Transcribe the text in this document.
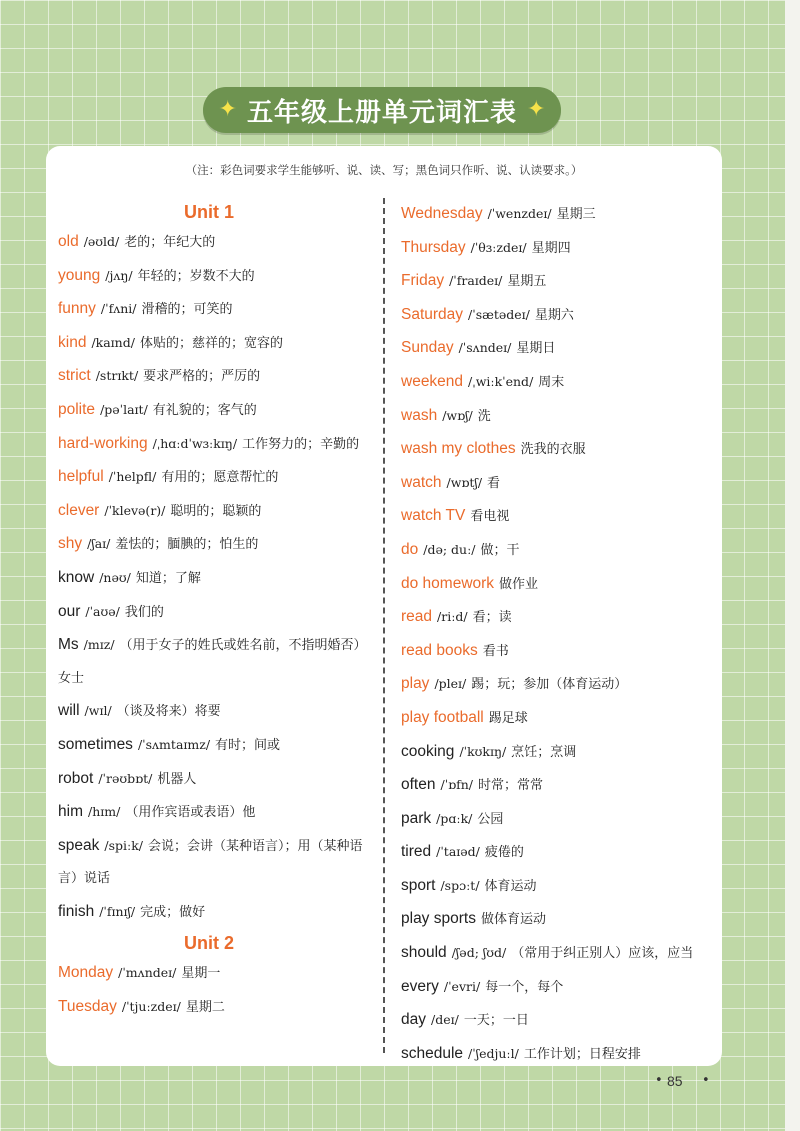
✦ 五年级上册单元词汇表 ✦
（注：彩色词要求学生能够听、说、读、写；黑色词只作听、说、认读要求。）
Unit 1
old /əʊld/ 老的；年纪大的
young /jʌŋ/ 年轻的；岁数不大的
funny /ˈfʌni/ 滑稽的；可笑的
kind /kaɪnd/ 体贴的；慈祥的；宽容的
strict /strɪkt/ 要求严格的；严厉的
polite /pəˈlaɪt/ 有礼貌的；客气的
hard-working /ˌhɑːdˈwɜːkɪŋ/ 工作努力的；辛勤的
helpful /ˈhelpfl/ 有用的；愿意帮忙的
clever /ˈklevə(r)/ 聪明的；聪颖的
shy /ʃaɪ/ 羞怯的；腼腆的；怕生的
know /nəʊ/ 知道；了解
our /ˈaʊə/ 我们的
Ms /mɪz/ （用于女子的姓氏或姓名前，不指明婚否）女士
will /wɪl/ （谈及将来）将要
sometimes /ˈsʌmtaɪmz/ 有时；间或
robot /ˈrəʊbɒt/ 机器人
him /hɪm/ （用作宾语或表语）他
speak /spiːk/ 会说；会讲（某种语言）；用（某种语言）说话
finish /ˈfɪnɪʃ/ 完成；做好
Unit 2
Monday /ˈmʌndeɪ/ 星期一
Tuesday /ˈtjuːzdeɪ/ 星期二
Wednesday /ˈwenzdeɪ/ 星期三
Thursday /ˈθɜːzdeɪ/ 星期四
Friday /ˈfraɪdeɪ/ 星期五
Saturday /ˈsætədeɪ/ 星期六
Sunday /ˈsʌndeɪ/ 星期日
weekend /ˌwiːkˈend/ 周末
wash /wɒʃ/ 洗
wash my clothes 洗我的衣服
watch /wɒtʃ/ 看
watch TV 看电视
do /də; duː/ 做；干
do homework 做作业
read /riːd/ 看；读
read books 看书
play /pleɪ/ 踢；玩；参加（体育运动）
play football 踢足球
cooking /ˈkʊkɪŋ/ 烹饪；烹调
often /ˈɒfn/ 时常；常常
park /pɑːk/ 公园
tired /ˈtaɪəd/ 疲倦的
sport /spɔːt/ 体育运动
play sports 做体育运动
should /ʃəd; ʃʊd/ （常用于纠正别人）应该，应当
every /ˈevri/ 每一个，每个
day /deɪ/ 一天；一日
schedule /ˈʃedjuːl/ 工作计划；日程安排
• 85 •
